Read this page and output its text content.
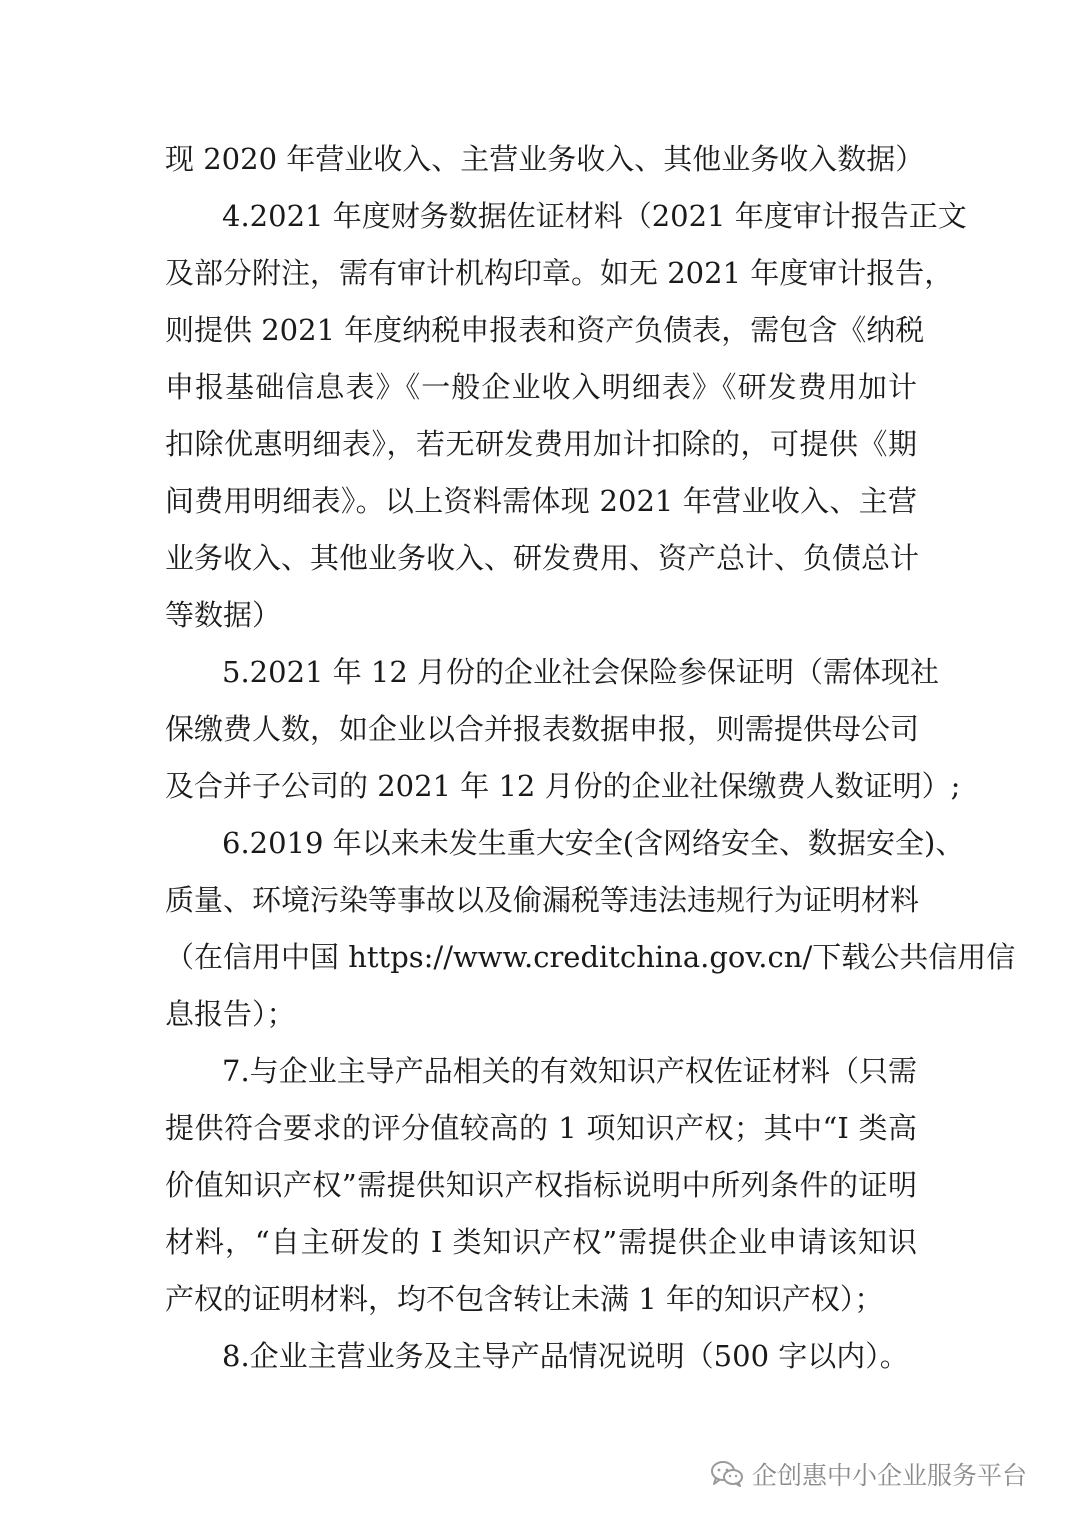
现 2020 年营业收入、主营业务收入、其他业务收入数据）
4.2021 年度财务数据佐证材料（2021 年度审计报告正文
及部分附注，需有审计机构印章。如无 2021 年度审计报告，
则提供 2021 年度纳税申报表和资产负债表，需包含《纳税
申报基础信息表》《一般企业收入明细表》《研发费用加计
扣除优惠明细表》，若无研发费用加计扣除的，可提供《期
间费用明细表》。以上资料需体现 2021 年营业收入、主营
业务收入、其他业务收入、研发费用、资产总计、负债总计
等数据）
5.2021 年 12 月份的企业社会保险参保证明（需体现社
保缴费人数，如企业以合并报表数据申报，则需提供母公司
及合并子公司的 2021 年 12 月份的企业社保缴费人数证明）;
6.2019 年以来未发生重大安全(含网络安全、数据安全)、
质量、环境污染等事故以及偷漏税等违法违规行为证明材料
（在信用中国 https://www.creditchina.gov.cn/下载公共信用信
息报告）；
7.与企业主导产品相关的有效知识产权佐证材料（只需
提供符合要求的评分值较高的 1 项知识产权；其中“I 类高
价值知识产权”需提供知识产权指标说明中所列条件的证明
材料，“自主研发的 I 类知识产权”需提供企业申请该知识
产权的证明材料，均不包含转让未满 1 年的知识产权）；
8.企业主营业务及主导产品情况说明（500 字以内）。
企创惠中小企业服务平台
